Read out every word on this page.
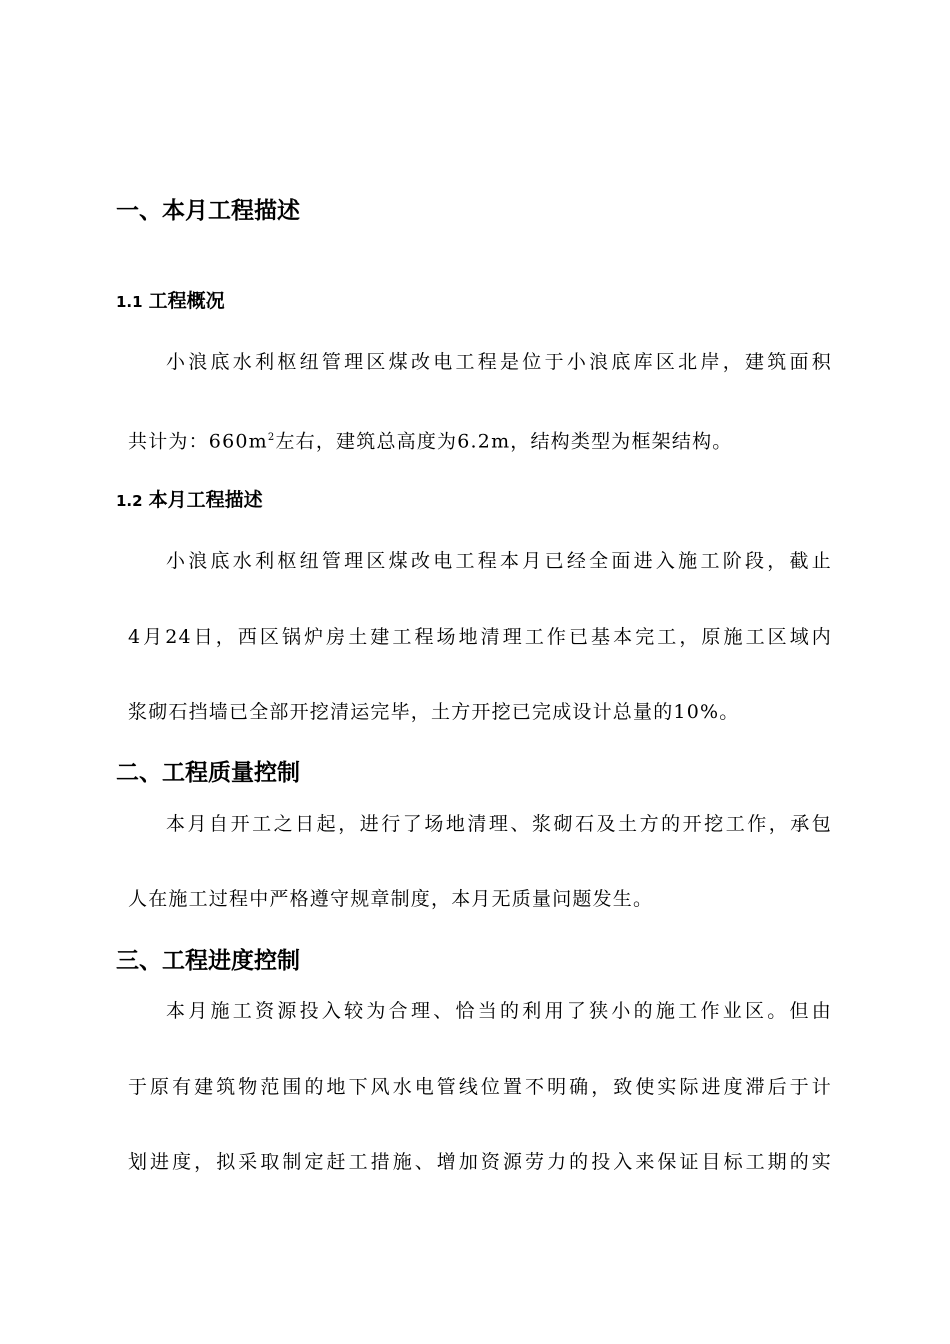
一、本月工程描述
1.1 工程概况

小浪底水利枢纽管理区煤改电工程是位于小浪底库区北岸，建筑面积

共计为：$660m^2$左右，建筑总高度为6.2m，结构类型为框架结构。

1.2 本月工程描述

小浪底水利枢纽管理区煤改电工程本月已经全面进入施工阶段，截止

4月24日，西区锅炉房土建工程场地清理工作已基本完工，原施工区域内

浆砌石挡墙已全部开挖清运完毕，土方开挖已完成设计总量的10%。

二、工程质量控制

本月自开工之日起，进行了场地清理、浆砌石及土方的开挖工作，承包

人在施工过程中严格遵守规章制度，本月无质量问题发生。

三、工程进度控制

本月施工资源投入较为合理、恰当的利用了狭小的施工作业区。但由

于原有建筑物范围的地下风水电管线位置不明确，致使实际进度滞后于计

划进度，拟采取制定赶工措施、增加资源劳力的投入来保证目标工期的实
